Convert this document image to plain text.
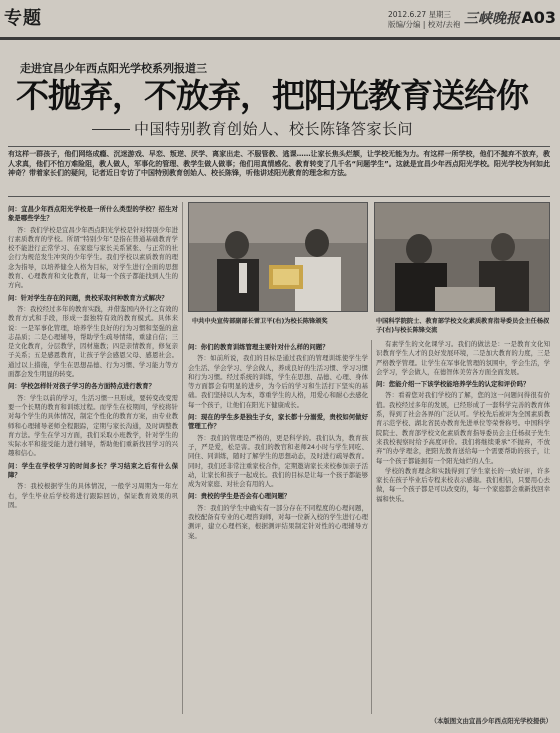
专题	2012.6.27 星期三
版编/分编 | 校对/去袍 三峡晚报 A03
走进宜昌少年西点阳光学校系列报道三
不抛弃，不放弃，把阳光教育送给你
中国特别教育创始人、校长陈锋答家长问
有这样一群孩子，他们网络成瘾、沉迷游戏、早恋、叛逆、厌学、离家出走、不服管教、逃课……让家长焦头烂额，让学校无能为力。有这样一所学校，他们不抛弃不放弃，教人求真，他们不怕万难险阻，教人做人，军事化的管理、教学生做人做事；他们用真情感化、教育转变了几千名“问题学生”。这就是宜昌少年西点阳光学校。阳光学校为何如此神奇？带着家长们的疑问，记者近日专访了中国特别教育创始人、校长陈锋，听他讲述阳光教育的理念和方法。

问：宜昌少年西点阳光学校是一所什么类型的学校？招生对象是哪些学生？

答：我们学校是宜昌少年西点阳光学校是针对特别少年进行素质教育的学校。所谓“特别少年”是指在普通基础教育学校不能进行正常学习、在家庭与家长关系紧张、与正常的社会行为规范发生冲突的少年学生。我们学校以素质教育的理念为指导，以培养健全人格为目标，对学生进行全面的思想教育、心理教育和文化教育，让每一个孩子都能找到人生的方向。

问：针对学生存在的问题，贵校采取何种教育方式解决？

答：我校经过多年的教育实践，并借鉴国内外行之有效的教育方式和手段，形成一套独特有效的教育模式。具体来说：一是军事化管理，培养学生良好的行为习惯和坚强的意志品质；二是心理辅导，帮助学生疏导情绪，重建自信；三是文化教育，分层教学，因材施教；四是亲情教育，修复亲子关系；五是感恩教育，让孩子学会感恩父母、感恩社会。通过以上措施，学生在思想品德、行为习惯、学习能力等方面都会发生明显的转变。

问：学校怎样针对孩子学习的各方面特点进行教育？

答：学生以前的学习，生活习惯一旦形成，要转变改变需要一个长期的教育和训练过程。而学生在校期间，学校将针对每个学生的具体情况，制定个性化的教育方案，由专业教师和心理辅导老师全程跟踪，定期与家长沟通，及时调整教育方法。学生在学习方面，我们采取小班教学，针对学生的实际水平和接受能力进行辅导，帮助他们重新找回学习的兴趣和信心。

问：学生在学校学习的时间多长？学习结束之后有什么保障？

答：我校根据学生的具体情况，一般学习周期为一年左右，学生毕业后学校将进行跟踪回访，保证教育效果的巩固。

中共中央宣传部副部长雷卫平(右)为校长陈锋颁奖	中国科学院院士、教育部学校文化素质教育指导委员会主任杨叔子(右)与校长陈锋交流

问：你们的教育训练管理主要针对什么样的问题？

答：如前所说，我们的目标是通过我们的管理训练使学生学会生活、学会学习、学会做人，养成良好的生活习惯、学习习惯和行为习惯。经过系统的训练，学生在思想、品德、心理、身体等方面都会有明显的进步，为今后的学习和生活打下坚实的基础。我们坚持以人为本，尊重学生的人格，用爱心和耐心去感化每一个孩子，让他们在阳光下健康成长。

问：现在的学生多是独生子女，家长都十分溺爱，贵校如何做好管理工作？

答：我们的管理是严格的，更是科学的。我们认为，教育孩子，严是爱，松是害。我们的教官和老师24小时与学生同吃、同住、同训练，随时了解学生的思想动态，及时进行疏导教育。同时，我们还非常注重家校合作，定期邀请家长来校参加亲子活动，让家长和孩子一起成长。我们的目标是让每一个孩子都能够成为对家庭、对社会有用的人。

问：贵校的学生是否会有心理问题？

答：我们的学生中确实有一部分存在不同程度的心理问题，我校配备有专业的心理咨询师，对每一位新入校的学生进行心理测评，建立心理档案，根据测评结果制定针对性的心理辅导方案。

有素学生的文化课学习。我们的做法是：一是教育文化知识教育学生人才的良好发展环境，二是加大教育的力度，三是严格教学管理。让学生在军事化管理的氛围中，学会生活，学会学习，学会做人，在德智体美劳各方面全面发展。

问：您能介绍一下该学校能培养学生的认定和评价吗？

答：看着您对我们学校的了解，您的这一问题问得很有价值。我校经过多年的发展，已经形成了一套科学完善的教育体系，得到了社会各界的广泛认可。学校先后被评为全国素质教育示范学校、湖北省民办教育先进单位等荣誉称号。中国科学院院士、教育部学校文化素质教育指导委员会主任杨叔子先生来我校视察时给予高度评价。我们将继续秉承“不抛弃，不放弃”的办学理念，把阳光教育送给每一个需要帮助的孩子，让每一个孩子都能拥有一个阳光灿烂的人生。

学校的教育理念和实践得到了学生家长的一致好评，许多家长在孩子毕业后专程来校表示感谢。我们相信，只要用心去做，每一个孩子都是可以改变的，每一个家庭都会重新找回幸福和快乐。

（本版图文由宜昌少年西点阳光学校提供）
